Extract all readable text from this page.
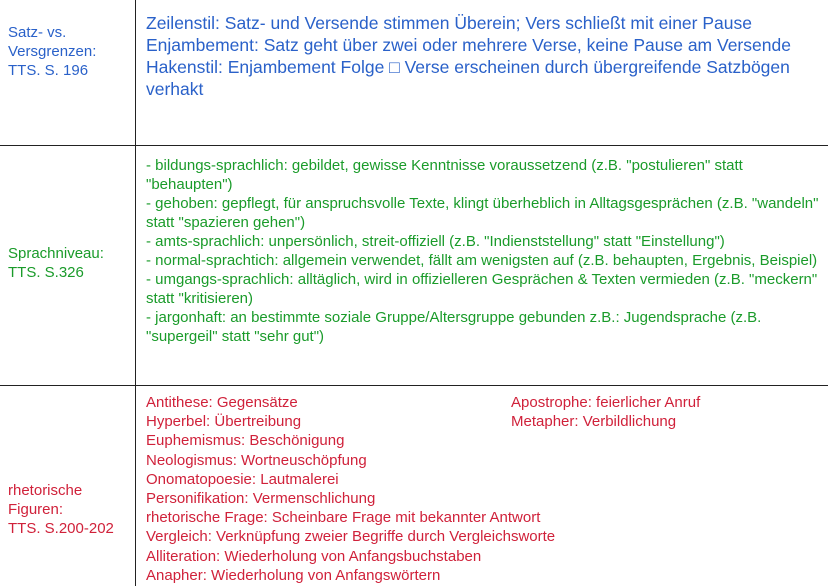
Satz- vs.
Versgrenzen:
TTS. S. 196

Zeilenstil: Satz- und Versende stimmen Überein; Vers schließt mit einer Pause

Enjambement: Satz geht über zwei oder mehrere Verse, keine Pause am Versende

Hakenstil: Enjambement Folge □ Verse erscheinen durch übergreifende Satzbögen verhakt

Sprachniveau:
TTS. S.326

- bildungs-sprachlich: gebildet, gewisse Kenntnisse voraussetzend (z.B. "postulieren" statt "behaupten")

- gehoben: gepflegt, für anspruchsvolle Texte, klingt überheblich in Alltagsgesprächen (z.B. "wandeln" statt "spazieren gehen")

- amts-sprachlich: unpersönlich, streit-offiziell (z.B. "Indienststellung" statt "Einstellung")

- normal-sprachtich: allgemein verwendet, fällt am wenigsten auf (z.B. behaupten, Ergebnis, Beispiel)

- umgangs-sprachlich: alltäglich, wird in offizielleren Gesprächen & Texten vermieden (z.B. "meckern" statt "kritisieren)

- jargonhaft: an bestimmte soziale Gruppe/Altersgruppe gebunden z.B.: Jugendsprache (z.B. "supergeil" statt "sehr gut")

rhetorische
Figuren:
TTS. S.200-202
Antithese: Gegensätze	Apostrophe: feierlicher Anruf
Hyperbel: Übertreibung	Metapher: Verbildlichung
Euphemismus: Beschönigung
Neologismus: Wortneuschöpfung
Onomatopoesie: Lautmalerei
Personifikation: Vermenschlichung
rhetorische Frage: Scheinbare Frage mit bekannter Antwort
Vergleich: Verknüpfung zweier Begriffe durch Vergleichsworte
Alliteration: Wiederholung von Anfangsbuchstaben
Anapher: Wiederholung von Anfangswörtern
